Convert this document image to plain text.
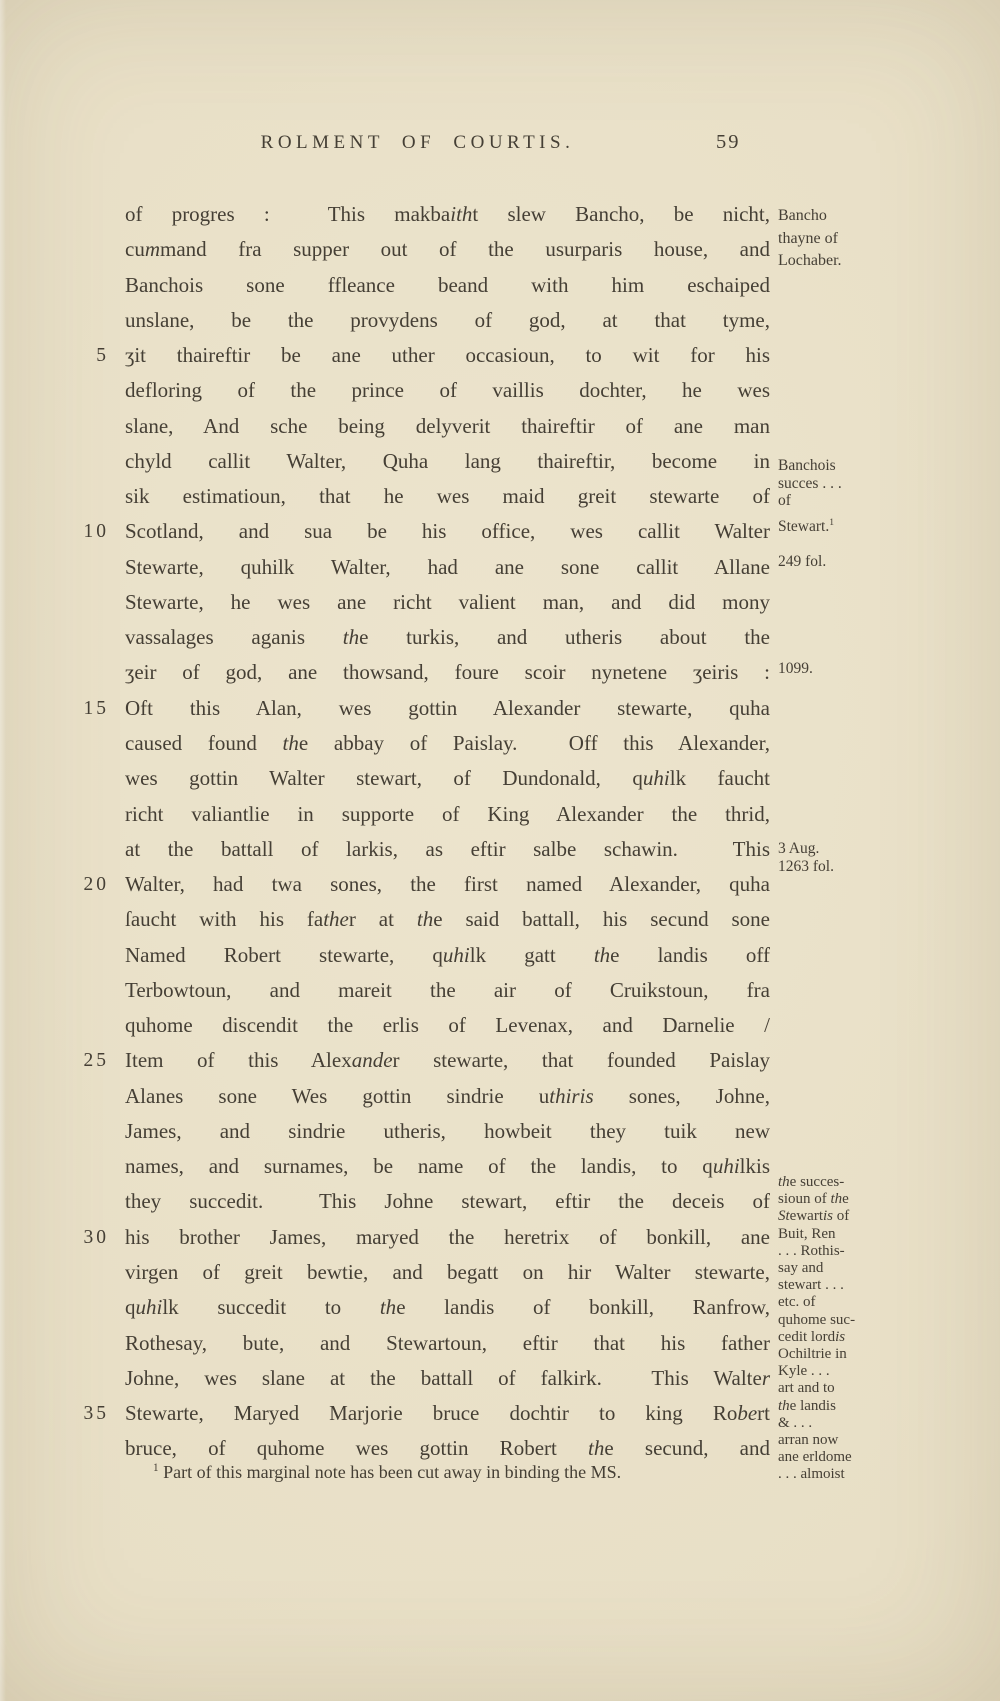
ROLMENT OF COURTIS.	59
of progres :  This makbaitht slew Bancho, be nicht,
cummand fra supper out of the usurparis house, and
Banchois sone ffleance beand with him eschaiped
unslane, be the provydens of god, at that tyme,
5 ʒit thaireftir be ane uther occasioun, to wit for his
defloring of the prince of vaillis dochter, he wes
slane, And sche being delyverit thaireftir of ane man
chyld callit Walter, Quha lang thaireftir, become in
sik estimatioun, that he wes maid greit stewarte of
10 Scotland, and sua be his office, wes callit Walter
Stewarte, quhilk Walter, had ane sone callit Allane
Stewarte, he wes ane richt valient man, and did mony
vassalages aganis the turkis, and utheris about the
ʒeir of god, ane thowsand, foure scoir nynetene ʒeiris :
15 Oft this Alan, wes gottin Alexander stewarte, quha
caused found the abbay of Paislay.  Off this Alexander,
wes gottin Walter stewart, of Dundonald, quhilk faucht
richt valiantlie in supporte of King Alexander the thrid,
at the battall of larkis, as eftir salbe schawin.  This
20 Walter, had twa sones, the first named Alexander, quha
ſaucht with his father at the said battall, his secund sone
Named Robert stewarte, quhilk gatt the landis off
Terbowtoun, and mareit the air of Cruikstoun, fra
quhome discendit the erlis of Levenax, and Darnelie /
25 Item of this Alexander stewarte, that founded Paislay
Alanes sone Wes gottin sindrie uthiris sones, Johne,
James, and sindrie utheris, howbeit they tuik new
names, and surnames, be name of the landis, to quhilkis
they succedit.  This Johne stewart, eftir the deceis of
30 his brother James, maryed the heretrix of bonkill, ane
virgen of greit bewtie, and begatt on hir Walter stewarte,
quhilk succedit to the landis of bonkill, Ranfrow,
Rothesay, bute, and Stewartoun, eftir that his father
Johne, wes slane at the battall of falkirk.  This Walter
35 Stewarte, Maryed Marjorie bruce dochtir to king Robert
bruce, of quhome wes gottin Robert the secund, and
Bancho
thayne of
Lochaber.
Banchois
succes . . .
of
Stewart.$^1$
249 fol.
1099.
3 Aug.
1263 fol.
the succes-
sioun of the
Stewartis of
Buit, Ren
. . . Rothis-
say and
stewart . . .
etc. of
quhome suc-
cedit lordis
Ochiltrie in
Kyle . . .
art and to
the landis
& . . .
arran now
ane erldome
. . . almoist
$^1$ Part of this marginal note has been cut away in binding the MS.
